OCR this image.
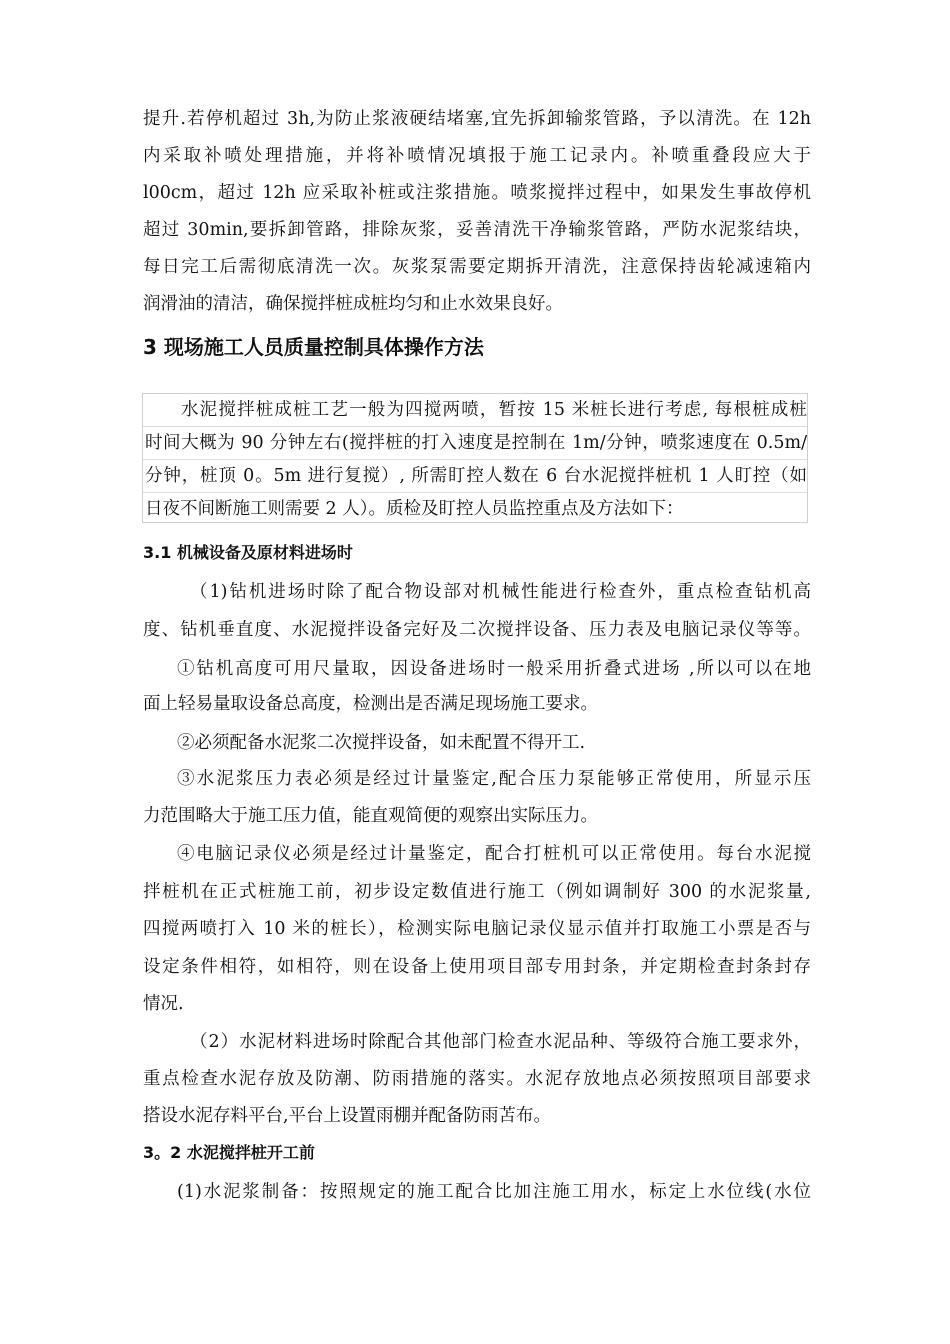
提升.若停机超过 3h,为防止浆液硬结堵塞,宜先拆卸输浆管路，予以清洗。在 12h
内采取补喷处理措施，并将补喷情况填报于施工记录内。补喷重叠段应大于
l00cm，超过 12h 应采取补桩或注浆措施。喷浆搅拌过程中，如果发生事故停机
超过 30min,要拆卸管路，排除灰浆，妥善清洗干净输浆管路，严防水泥浆结块，
每日完工后需彻底清洗一次。灰浆泵需要定期拆开清洗，注意保持齿轮减速箱内
润滑油的清洁，确保搅拌桩成桩均匀和止水效果良好。
3 现场施工人员质量控制具体操作方法
水泥搅拌桩成桩工艺一般为四搅两喷，暂按 15 米桩长进行考虑, 每根桩成桩
时间大概为 90 分钟左右(搅拌桩的打入速度是控制在 1m/分钟，喷浆速度在 0.5m/
分钟，桩顶 0。5m 进行复搅）, 所需盯控人数在 6 台水泥搅拌桩机 1 人盯控（如
日夜不间断施工则需要 2 人）。质检及盯控人员监控重点及方法如下：
3.1 机械设备及原材料进场时
（1)钻机进场时除了配合物设部对机械性能进行检查外，重点检查钻机高
度、钻机垂直度、水泥搅拌设备完好及二次搅拌设备、压力表及电脑记录仪等等。
①钻机高度可用尺量取，因设备进场时一般采用折叠式进场 ,所以可以在地
面上轻易量取设备总高度，检测出是否满足现场施工要求。
②必须配备水泥浆二次搅拌设备，如未配置不得开工.
③水泥浆压力表必须是经过计量鉴定,配合压力泵能够正常使用，所显示压
力范围略大于施工压力值，能直观简便的观察出实际压力。
④电脑记录仪必须是经过计量鉴定，配合打桩机可以正常使用。每台水泥搅
拌桩机在正式桩施工前，初步设定数值进行施工（例如调制好 300 的水泥浆量,
四搅两喷打入 10 米的桩长），检测实际电脑记录仪显示值并打取施工小票是否与
设定条件相符，如相符，则在设备上使用项目部专用封条，并定期检查封条封存
情况.
（2）水泥材料进场时除配合其他部门检查水泥品种、等级符合施工要求外，
重点检查水泥存放及防潮、防雨措施的落实。水泥存放地点必须按照项目部要求
搭设水泥存料平台,平台上设置雨棚并配备防雨苫布。
3。2 水泥搅拌桩开工前
(1)水泥浆制备：按照规定的施工配合比加注施工用水，标定上水位线(水位
